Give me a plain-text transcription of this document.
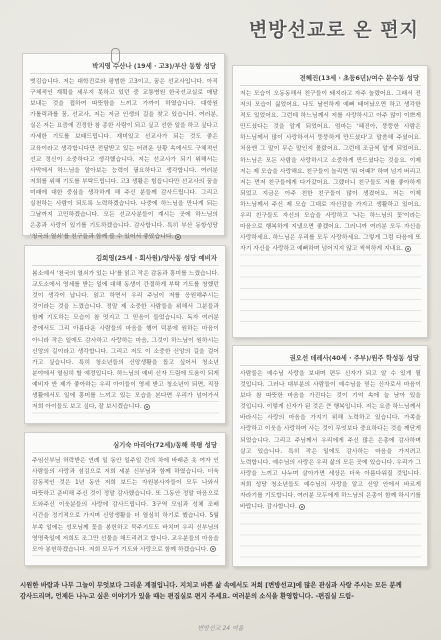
변방선교로 온 편지
박지영 수산나 (19세 · 고3)/부산 동항 성당
벗김습니다. 저는 대학진로와 평범한 고3이고, 꿈은 선교사입니다. 아직 구체적인 계획을 세우지 못하고 있던 중 교통병원 한국선교실로 매달 보내는 것을 접하여 따뜻함을 느끼고 가까이 하였습니다. 대학원 가톨릭과를 꿈, 선교사, 저는 저금 인생의 길을 찾고 있습니다. 여러분, 실은 저는 요즘에 진정한 참 종한 사람이 되고 싶고 선한 일을 하고 싶다고 자세한 기도를 보태드립니다. 재미있고 선교사가 되는 것도 좋은 교육이라고 생각합니다만 전달받고 있는 어려운 상황 속에서도 구체적인 선교 정신이 소중하다고 생각했습니다. 저는 선교사가 되기 위해서는 사막에서 하느님을 알아보는 능력이 필요하다고 생각합니다. 여러분 저희를 위해 기도를 부탁드립니다. 고3 생활은 힘듭니다만 선교사의 꿈을 미래에 대한 중심을 생각하게 해 주신 분들께 감사드립니다. 그리고 실천하는 사람이 되도록 노력하겠습니다. 나중에 하느님을 만나게 되는 그날까지 고민하겠습니다. 모든 선교사분들이 계시는 곳에 하느님의 은총과 사랑이 있기를 기도하겠습니다. 감사합니다. 특히 부산 동항성당 '청국의 열쇠'를 친구들과 함께 볼 수 있어서 좋았습니다.
김희영(25세 · 회사원)/양사동 성당 예비자
봄소예서 '천국의 열쇠가 있는 나'를 읽고 작은 감동과 흥미를 느꼈습니다. 교도소에서 영세를 받는 일에 대해 동생이 간절하게 부탁 기도를 청했던 것이 생각이 납니다. 읽고 하면서 우리 주님이 저를 응원해주시는 것이라는 것을 느꼈습니다. 정말 제 소중한 사람들을 위해서 그분들과 함께 기도하는 모습이 참 멋지고 그 믿음이 들었습니다. 독자 여러분 중에서도 그리 아름다운 사람들의 마음을 행여 덕분에 원하는 마음이 아니라 작은 일에도 감사하고 사랑하는 마음, 그것이 하느님이 원하시는 신앙의 길이라고 생각합니다. 그리고 저도 이 소중한 신앙의 길을 걸어 가고 싶습니다. 특히 청소년들의 신앙생활을 돕고 싶어서 청소년 분야에서 열심히 할 예정입니다. 하느님의 예비 신자 드림에 도움이 되게 예비자 반 제가 좋아하는 우리 아이들이 영세 받고 청소년이 되면, 직장 생활에서도 일에 흥미를 느끼고 있는 모습을 본다면 우리가 넘어가서 저희 아이들도 보고 싶다, 잘 보시겠습니다.
심기숙 마리아(72세)/동해 북평 성당
주임신부님 허락받은 연례 일 동안 일주일 간의 차에 바래준 옷 여자 인 사람들의 사랑과 섬김으로 저희 세분 신부님과 함께 하였습니다. 더욱 감동적인 것은 1년 동안 저희 보드는 자원봉사자들이 모두 나와서 따뜻하고 준비해 주신 것이 정말 감사했습니다. 또 그동안 정말 마음으로 도와주신 이웃분들의 사랑에 감사드립니다. 3구역 모임과 성체 조배 시간을 정기적으로 가지며 신앙생활을 더 열심히 하기로 했습니다. 5월 부족 일에는 성모님께 꽃을 봉헌하고 묵주기도도 바치며 우리 신부님의 영명축일에 저희도 조그만 선물을 해드리려고 합니다. 교우분들의 마음을 모아 봉헌하겠습니다. 저희 모두가 기도와 사랑으로 함께 하겠습니다.
전혜진(13세 · 초등6년)/여수 문수동 성당
저는 모습이 오동동해서 친구들이 돼지라고 자주 놀렸어요. 그래서 전 저의 모습이 싫었어요. 나도 날씬하게 예뻐 태어났으면 하고 생각한 적도 있었어요. 그런데 하느님께서 저를 사랑하시고 아주 많이 이쁘게 만드셨다는 것을 알게 되었어요. 엄마는 '혜진아, 뚱뚱한 사람은 하느님께서 많이 사랑하셔서 뚱뚱하게 만드셨다'고 말씀해 주셨어요. 처음엔 그 말이 무슨 말인지 몰랐어요. 그런데 조금씩 알게 되었어요. 하느님은 모든 사람을 사랑하시고 소중하게 만드셨다는 것을요. 이제 저는 제 모습을 사랑해요. 친구들이 놀리면 '뭐 어때?' 하며 넘겨 버리고 저는 먼저 친구들에게 다가갔어요. 그랬더니 친구들도 저를 좋아하게 되었고 지금은 아주 친한 친구들이 많이 생겼어요. 저는 이제 하느님께서 주신 제 모습 그대로 자신감을 가지고 생활하고 있어요. 우리 친구들도 자신의 모습을 사랑하고 '나는 하느님의 꽃'이라는 마음으로 행복하게 지냈으면 좋겠어요. 그러니까 여러분 모두 자신을 사랑하세요. 하느님은 우리를 모두 사랑하세요. 그렇게 그럼 다음에 또 자기 자신을 사랑하고 예뻐하며 넘어지지 않고 씩씩하게 지내요.
권오선 데레사(40세 · 주부)/원주 학성동 성당
사람들은 예수님 사랑을 보내며 편두 신자가 되고 알 수 있게 될 것입니다. 그러나 대부분의 사람들이 예수님을 믿는 신자로서 마음이 보다 참 따뜻한 마음을 가진다는 것이 기억 속에 늘 남아 있을 것입니다. 이렇게 신자가 된 것은 큰 행복입니다. 저는 요즘 하느님께서 바라시는 사랑의 마음을 가지기 위해 노력하고 있습니다. 가족을 사랑하고 이웃을 사랑하며 사는 것이 무엇보다 중요하다는 것을 깨닫게 되었습니다. 그리고 주님께서 우리에게 주신 많은 은총에 감사하며 살고 있습니다. 특히 작은 일에도 감사하는 마음을 가지려고 노력합니다. 예수님의 사랑은 우리 삶의 모든 곳에 있습니다. 우리가 그 사랑을 느끼고 나누며 살아가면 세상은 더욱 아름다워질 것입니다. 저희 성당 청소년들도 예수님의 사랑을 알고 신앙 안에서 바르게 자라기를 기도합니다. 여러분 모두에게 하느님의 은총이 함께 하시기를 바랍니다. 감사합니다.
시원한 바람과 나무 그늘이 무엇보다 그리운 계절입니다. 지치고 바쁜 삶 속에서도 저희 [변방선교]에 많은 관심과 사랑 주시는 모든 분께 감사드리며, 언제든 나누고 싶은 이야기가 있을 때는 편집실로 편지 주세요. 여러분의 소식을 환영합니다. -편집실 드림-
변방선교 24 여름
